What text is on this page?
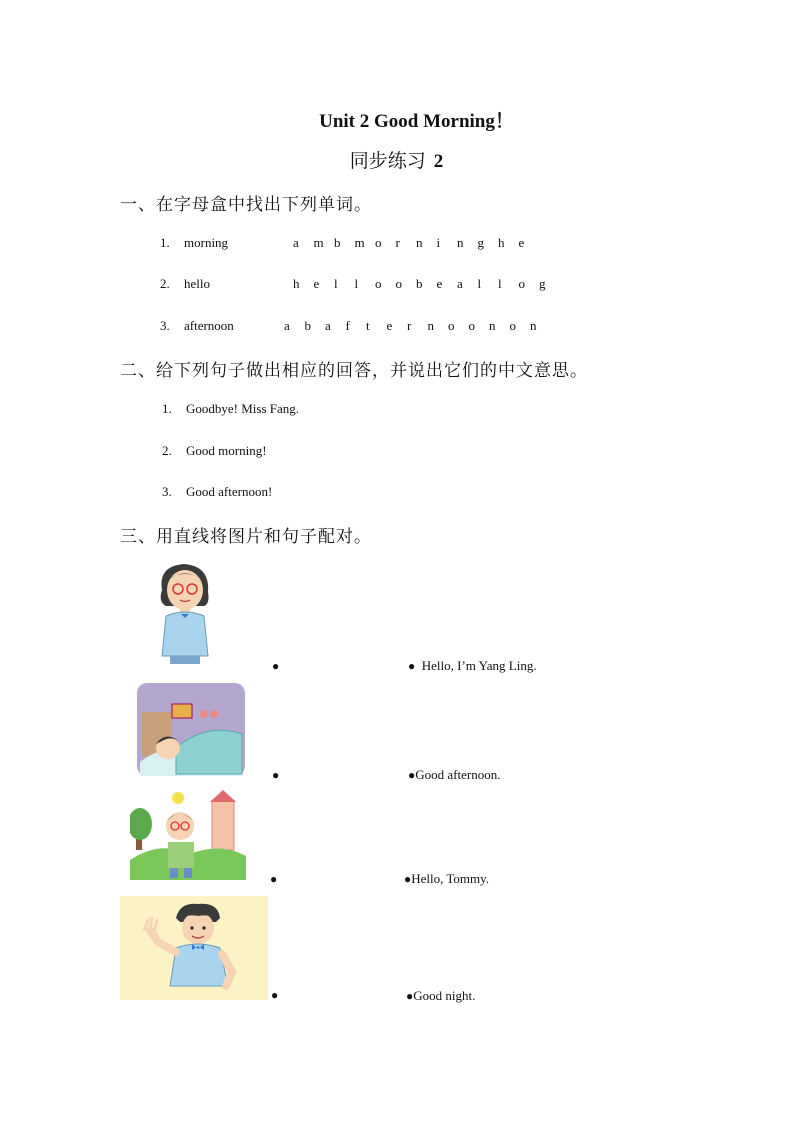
Unit 2 Good Morning！
同步练习 2
一、在字母盒中找出下列单词。
1. morning	a m b m o r n i n g h e
2. hello	h e l l o o b e a l l o g
3. afternoon	a b a f t e r n o o n o n
二、给下列句子做出相应的回答，并说出它们的中文意思。
1. Goodbye! Miss Fang.
2. Good morning!
3. Good afternoon!
三、用直线将图片和句子配对。
●	● Hello, I’m Yang Ling.
●	●Good afternoon.
●	●Hello, Tommy.
●	●Good night.
